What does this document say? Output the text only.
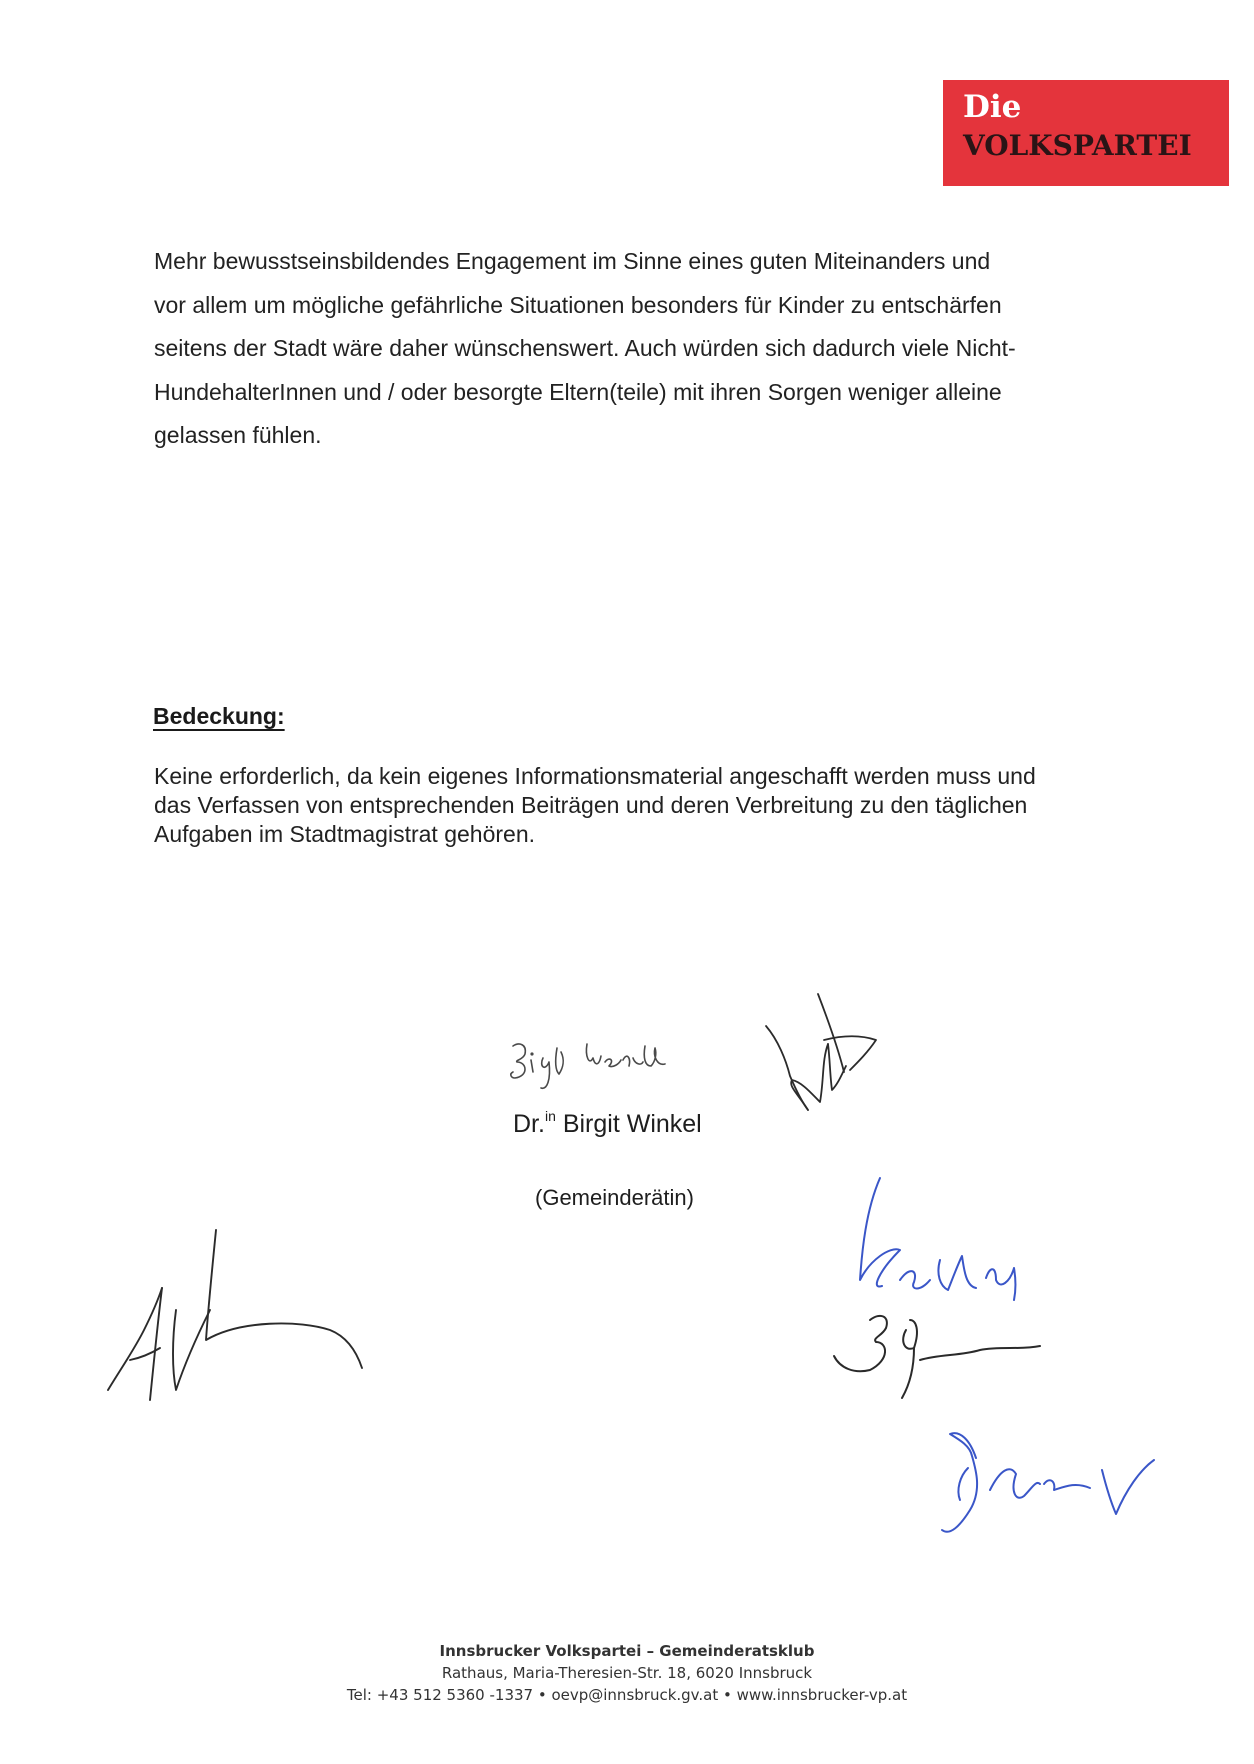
Die
VOLKSPARTEI

Mehr bewusstseinsbildendes Engagement im Sinne eines guten Miteinanders und
vor allem um mögliche gefährliche Situationen besonders für Kinder zu entschärfen
seitens der Stadt wäre daher wünschenswert. Auch würden sich dadurch viele Nicht-
HundehalterInnen und / oder besorgte Eltern(teile) mit ihren Sorgen weniger alleine
gelassen fühlen.

Bedeckung:

Keine erforderlich, da kein eigenes Informationsmaterial angeschafft werden muss und
das Verfassen von entsprechenden Beiträgen und deren Verbreitung zu den täglichen
Aufgaben im Stadtmagistrat gehören.

Dr.$^{in}$ Birgit Winkel
(Gemeinderätin)
Innsbrucker Volkspartei – Gemeinderatsklub
Rathaus, Maria-Theresien-Str. 18, 6020 Innsbruck
Tel: +43 512 5360 -1337 • oevp@innsbruck.gv.at • www.innsbrucker-vp.at
